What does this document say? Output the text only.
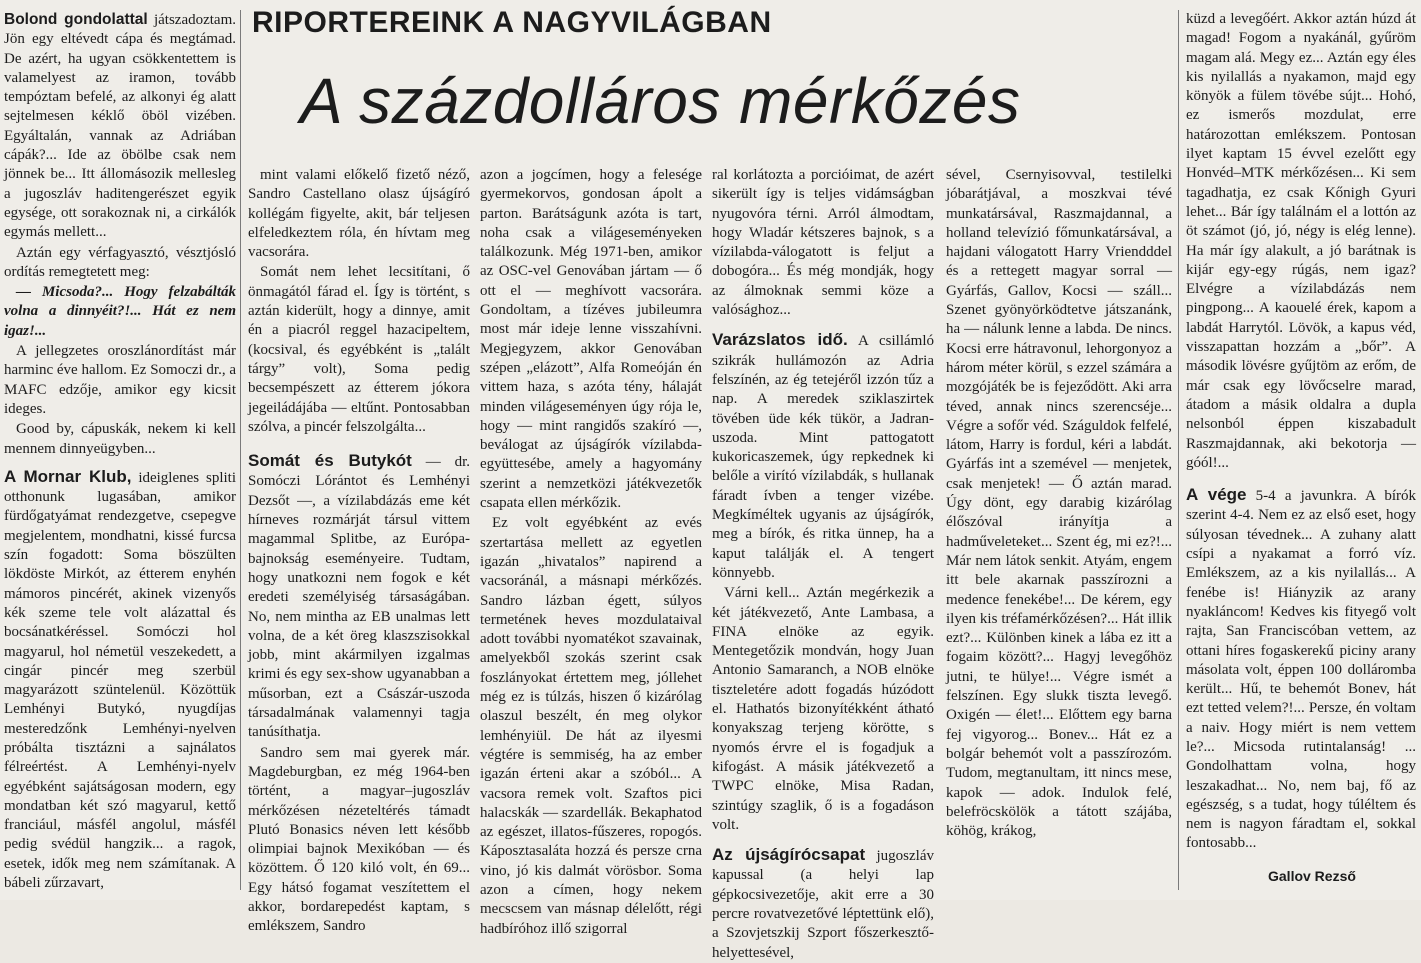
Bolond gondolattal játszadoztam. Jön egy eltévedt cápa és megtámad. De azért, ha ugyan csökkentettem is valamelyest az iramon, tovább tempóztam befelé, az alkonyi ég alatt sejtelmesen kéklő öböl vizében. Egyáltalán, vannak az Adriában cápák?... Ide az öbölbe csak nem jönnek be... Itt állomásozik mellesleg a jugoszláv haditengerészet egyik egysége, ott sorakoznak ni, a cirkálók egymás mellett...

Aztán egy vérfagyasztó, vésztjósló ordítás remegtetett meg:

— Micsoda?... Hogy felzabálták volna a dinnyéit?!... Hát ez nem igaz!...

A jellegzetes oroszlánordítást már harminc éve hallom. Ez Somoczi dr., a MAFC edzője, amikor egy kicsit ideges.

Good by, cápuskák, nekem ki kell mennem dinnyeügyben...

A Mornar Klub, ideiglenes spliti otthonunk lugasában, amikor fürdőgatyámat rendezgetve, csepegve megjelentem, mondhatni, kissé furcsa szín fogadott: Soma böszülten lökdöste Mirkót, az étterem enyhén mámoros pincérét, akinek vizenyős kék szeme tele volt alázattal és bocsánatkéréssel. Somóczi hol magyarul, hol németül veszekedett, a cingár pincér meg szerbül magyarázott szüntelenül. Közöttük Lemhényi Butykó, nyugdíjas mesteredzőnk Lemhényi-nyelven próbálta tisztázni a sajnálatos félreértést. A Lemhényi-nyelv egyébként sajátságosan modern, egy mondatban két szó magyarul, kettő franciául, másfél angolul, másfél pedig svédül hangzik... a ragok, esetek, idők meg nem számítanak. A bábeli zűrzavart,

RIPORTEREINK A NAGYVILÁGBAN
A százdolláros mérkőzés

mint valami előkelő fizető néző, Sandro Castellano olasz újságíró kollégám figyelte, akit, bár teljesen elfeledkeztem róla, én hívtam meg vacsorára.

Somát nem lehet lecsitítani, ő önmagától fárad el. Így is történt, s aztán kiderült, hogy a dinnye, amit én a piacról reggel hazacipeltem, (kocsival, és egyébként is „talált tárgy” volt), Soma pedig becsempészett az étterem jókora jegeiládájába — eltűnt. Pontosabban szólva, a pincér felszolgálta...

Somát és Butykót — dr. Somóczi Lórántot és Lemhényi Dezsőt —, a vízilabdázás eme két hírneves rozmárját társul vittem magammal Splitbe, az Európa-bajnokság eseményeire. Tudtam, hogy unatkozni nem fogok e két eredeti személyiség társaságában. No, nem mintha az EB unalmas lett volna, de a két öreg klaszszisokkal jobb, mint akármilyen izgalmas krimi és egy sex-show ugyanabban a műsorban, ezt a Császár-uszoda társadalmának valamennyi tagja tanúsíthatja.

Sandro sem mai gyerek már. Magdeburgban, ez még 1964-ben történt, a magyar–jugoszláv mérkőzésen nézeteltérés támadt Plutó Bonasics néven lett később olimpiai bajnok Mexikóban — és közöttem. Ő 120 kiló volt, én 69... Egy hátsó fogamat veszítettem el akkor, bordarepedést kaptam, s emlékszem, Sandro

azon a jogcímen, hogy a felesége gyermekorvos, gondosan ápolt a parton. Barátságunk azóta is tart, noha csak a világeseményeken találkozunk. Még 1971-ben, amikor az OSC-vel Genovában jártam — ő ott el — meghívott vacsorára. Gondoltam, a tízéves jubileumra most már ideje lenne visszahívni. Megjegyzem, akkor Genovában szépen „elázott”, Alfa Romeóján én vittem haza, s azóta tény, hálaját minden világeseményen úgy rója le, hogy — mint rangidős szakíró —, beválogat az újságírók vízilabda-együttesébe, amely a hagyomány szerint a nemzetközi játékvezetők csapata ellen mérkőzik.

Ez volt egyébként az evés szertartása mellett az egyetlen igazán „hivatalos” napirend a vacsoránál, a másnapi mérkőzés. Sandro lázban égett, súlyos termetének heves mozdulataival adott további nyomatékot szavainak, amelyekből szokás szerint csak foszlányokat értettem meg, jóllehet még ez is túlzás, hiszen ő kizárólag olaszul beszélt, én meg olykor lemhényiül. De hát az ilyesmi végtére is semmiség, ha az ember igazán érteni akar a szóból... A vacsora remek volt. Szaftos pici halacskák — szardellák. Bekaphatod az egészet, illatos-fűszeres, ropogós. Káposztasaláta hozzá és persze crna vino, jó kis dalmát vörösbor. Soma azon a címen, hogy nekem mecscsem van másnap délelőtt, régi hadbíróhoz illő szigorral

ral korlátozta a porcióimat, de azért sikerült így is teljes vidámságban nyugovóra térni. Arról álmodtam, hogy Wladár kétszeres bajnok, s a vízilabda-válogatott is feljut a dobogóra... És még mondják, hogy az álmoknak semmi köze a valósághoz...

Varázslatos idő. A csillámló szikrák hullámozón az Adria felszínén, az ég tetejéről izzón tűz a nap. A meredek sziklaszirtek tövében üde kék tükör, a Jadran-uszoda. Mint pattogatott kukoricaszemek, úgy repkednek ki belőle a virító vízilabdák, s hullanak fáradt ívben a tenger vizébe. Megkíméltek ugyanis az újságírók, meg a bírók, és ritka ünnep, ha a kaput találják el. A tengert könnyebb.

Várni kell... Aztán megérkezik a két játékvezető, Ante Lambasa, a FINA elnöke az egyik. Mentegetőzik mondván, hogy Juan Antonio Samaranch, a NOB elnöke tiszteletére adott fogadás húzódott el. Hathatós bizonyítékként átható konyakszag terjeng körötte, s nyomós érvre el is fogadjuk a kifogást. A másik játékvezető a TWPC elnöke, Misa Radan, szintúgy szaglik, ő is a fogadáson volt.

Az újságírócsapat jugoszláv kapussal (a helyi lap gépkocsivezetője, akit erre a 30 percre rovatvezetővé léptettünk elő), a Szovjetszkij Szport főszerkesztő-helyettesével,

sével, Csernyisovval, testilelki jóbarátjával, a moszkvai tévé munkatársával, Raszmajdannal, a holland televízió főmunkatársával, a hajdani válogatott Harry Vriendddel és a rettegett magyar sorral — Gyárfás, Gallov, Kocsi — száll... Szenet gyönyörködtetve játszanánk, ha — nálunk lenne a labda. De nincs. Kocsi erre hátravonul, lehorgonyoz a három méter körül, s ezzel számára a mozgójáték be is fejeződött. Aki arra téved, annak nincs szerencséje... Végre a sofőr véd. Száguldok felfelé, látom, Harry is fordul, kéri a labdát. Gyárfás int a szemével — menjetek, csak menjetek! — Ő aztán marad. Úgy dönt, egy darabig kizárólag élőszóval irányítja a hadműveleteket... Szent ég, mi ez?!... Már nem látok senkit. Atyám, engem itt bele akarnak passzírozni a medence fenekébe!... De kérem, egy ilyen kis tréfamérkőzésen?... Hát illik ezt?... Különben kinek a lába ez itt a fogaim között?... Hagyj levegőhöz jutni, te hülye!... Végre ismét a felszínen. Egy slukk tiszta levegő. Oxigén — élet!... Előttem egy barna fej vigyorog... Bonev... Hát ez a bolgár behemót volt a passzírozóm. Tudom, megtanultam, itt nincs mese, kapok — adok. Indulok felé, belefröcskölök a tátott szájába, köhög, krákog,

küzd a levegőért. Akkor aztán húzd át magad! Fogom a nyakánál, gyűröm magam alá. Megy ez... Aztán egy éles kis nyilallás a nyakamon, majd egy könyök a fülem tövébe sújt... Hohó, ez ismerős mozdulat, erre határozottan emlékszem. Pontosan ilyet kaptam 15 évvel ezelőtt egy Honvéd–MTK mérkőzésen... Ki sem tagadhatja, ez csak Kőnigh Gyuri lehet... Bár így találnám el a lottón az öt számot (jó, jó, négy is elég lenne). Ha már így alakult, a jó barátnak is kijár egy-egy rúgás, nem igaz? Elvégre a vízilabdázás nem pingpong... A kaouelé érek, kapom a labdát Harrytól. Lövök, a kapus véd, visszapattan hozzám a „bőr”. A második lövésre gyűjtöm az erőm, de már csak egy lövőcselre marad, átadom a másik oldalra a dupla nelsonból éppen kiszabadult Raszmajdannak, aki bekotorja — góól!...

A vége 5-4 a javunkra. A bírók szerint 4-4. Nem ez az első eset, hogy súlyosan tévednek... A zuhany alatt csípi a nyakamat a forró víz. Emlékszem, az a kis nyilallás... A fenébe is! Hiányzik az arany nyakláncom! Kedves kis fityegő volt rajta, San Franciscóban vettem, az ottani híres fogaskerekű piciny arany másolata volt, éppen 100 dolláromba került... Hű, te behemót Bonev, hát ezt tetted velem?!... Persze, én voltam a naiv. Hogy miért is nem vettem le?... Micsoda rutintalanság! ... Gondolhattam volna, hogy leszakadhat... No, nem baj, fő az egészség, s a tudat, hogy túléltem és nem is nagyon fáradtam el, sokkal fontosabb...

Gallov Rezső
